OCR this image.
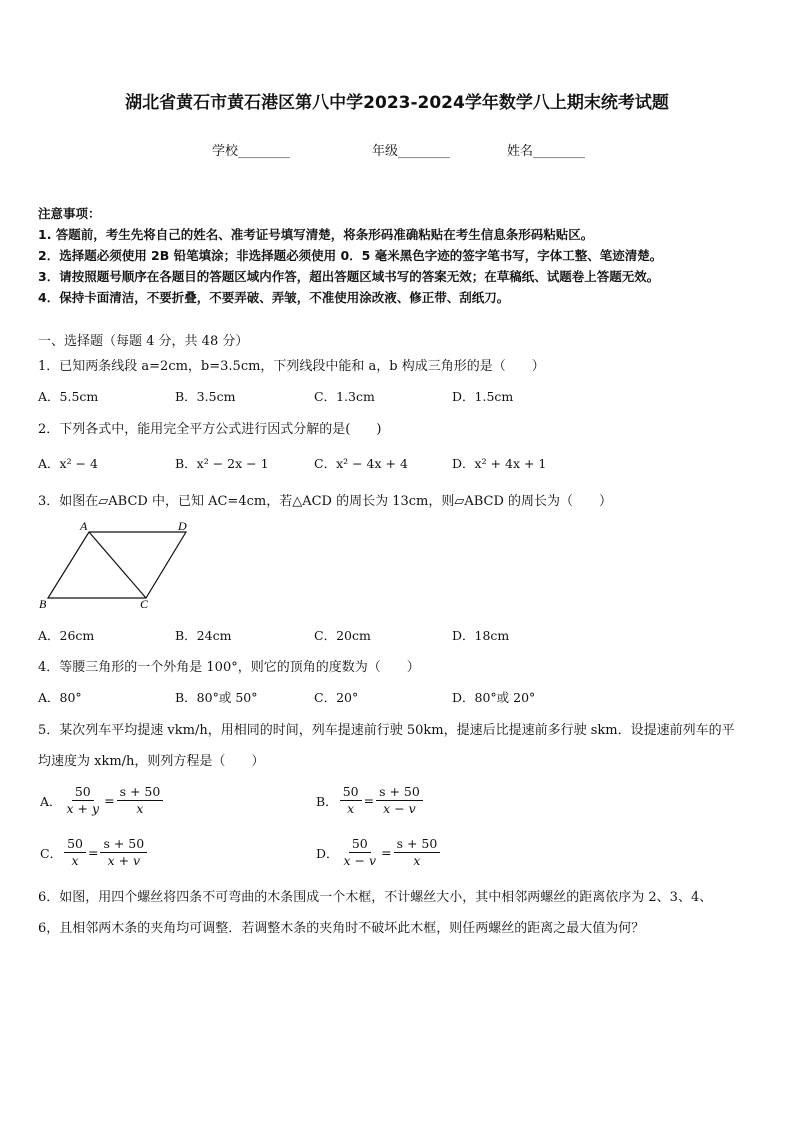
湖北省黄石市黄石港区第八中学2023-2024学年数学八上期末统考试题
学校________	年级________	姓名________
注意事项：
1. 答题前，考生先将自己的姓名、准考证号填写清楚，将条形码准确粘贴在考生信息条形码粘贴区。
2．选择题必须使用 2B 铅笔填涂；非选择题必须使用 0．5 毫米黑色字迹的签字笔书写，字体工整、笔迹清楚。
3．请按照题号顺序在各题目的答题区域内作答，超出答题区域书写的答案无效；在草稿纸、试题卷上答题无效。
4．保持卡面清洁，不要折叠，不要弄破、弄皱，不准使用涂改液、修正带、刮纸刀。
一、选择题（每题 4 分，共 48 分）
1．已知两条线段 a=2cm，b=3.5cm，下列线段中能和 a，b 构成三角形的是（　　）
A．5.5cm	B．3.5cm	C．1.3cm	D．1.5cm
2．下列各式中，能用完全平方公式进行因式分解的是(　　)
A．x² − 4	B．x² − 2x − 1	C．x² − 4x + 4	D．x² + 4x + 1
3．如图在▱ABCD 中，已知 AC=4cm，若△ACD 的周长为 13cm，则▱ABCD 的周长为（　　）
A	D
B	C
A．26cm	B．24cm	C．20cm	D．18cm
4．等腰三角形的一个外角是 100°，则它的顶角的度数为（　　）
A．80°	B．80°或 50°	C．20°	D．80°或 20°
5．某次列车平均提速 vkm/h，用相同的时间，列车提速前行驶 50km，提速后比提速前多行驶 skm．设提速前列车的平
均速度为 xkm/h，则列方程是（　　）
A． $\frac{50}{x + y} = \frac{s + 50}{x}$	B． $\frac{50}{x} = \frac{s + 50}{x - v}$
C． $\frac{50}{x} = \frac{s + 50}{x + v}$	D． $\frac{50}{x - v} = \frac{s + 50}{x}$
6．如图，用四个螺丝将四条不可弯曲的木条围成一个木框，不计螺丝大小，其中相邻两螺丝的距离依序为 2、3、4、
6，且相邻两木条的夹角均可调整．若调整木条的夹角时不破坏此木框，则任两螺丝的距离之最大值为何？
